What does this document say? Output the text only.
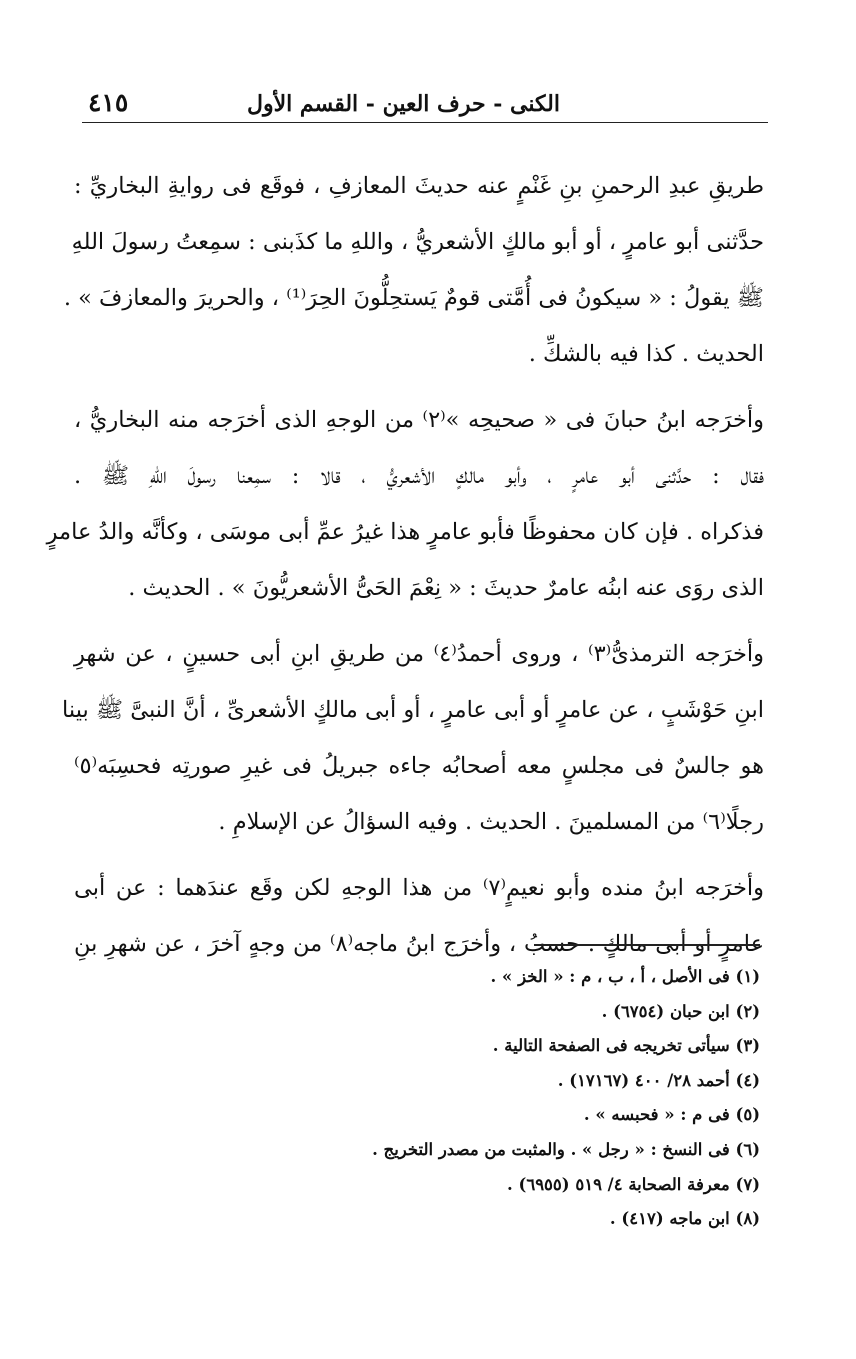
٤١٥	الكنى - حرف العين - القسم الأول
طريقِ عبدِ الرحمنِ بنِ غَنْمٍ عنه حديثَ المعازفِ ، فوقَع فى روايةِ البخاريِّ :
حدَّثنى أبو عامرٍ ، أو أبو مالكٍ الأشعريُّ ، واللهِ ما كذَبنى : سمِعتُ رسولَ اللهِ
ﷺ يقولُ : « سيكونُ فى أُمَّتى قومٌ يَستحِلُّونَ الحِرَ⁽¹⁾ ، والحريرَ والمعازفَ » .
الحديث . كذا فيه بالشكِّ .
وأخرَجه ابنُ حبانَ فى « صحيحِه »⁽٢⁾ من الوجهِ الذى أخرَجه منه البخاريُّ ،
فقال : حدَّثنى أبو عامرٍ ، وأبو مالكٍ الأشعريُّ ، قالا : سمِعنا رسولَ اللهِ ﷺ .
فذكراه . فإن كان محفوظًا فأبو عامرٍ هذا غيرُ عمِّ أبى موسَى ، وكأنَّه والدُ عامرٍ
الذى روَى عنه ابنُه عامرٌ حديثَ : « نِعْمَ الحَىُّ الأشعريُّونَ » . الحديث .
وأخرَجه الترمذىُّ⁽٣⁾ ، وروى أحمدُ⁽٤⁾ من طريقِ ابنِ أبى حسينٍ ، عن شهرِ
ابنِ حَوْشَبٍ ، عن عامرٍ أو أبى عامرٍ ، أو أبى مالكٍ الأشعرىِّ ، أنَّ النبىَّ ﷺ بينا
هو جالسٌ فى مجلسٍ معه أصحابُه جاءه جبريلُ فى غيرِ صورتِه فحسِبَه⁽٥⁾
رجلًا⁽٦⁾ من المسلمينَ . الحديث . وفيه السؤالُ عن الإسلامِ .
وأخرَجه ابنُ منده وأبو نعيمٍ⁽٧⁾ من هذا الوجهِ لكن وقَع عندَهما : عن أبى
عامرٍ أو أبى مالكٍ . حسبُ ، وأخرَج ابنُ ماجه⁽٨⁾ من وجهٍ آخرَ ، عن شهرِ بنِ
(١) فى الأصل ، أ ، ب ، م : « الخز » .
(٢) ابن حبان (٦٧٥٤) .
(٣) سيأتى تخريجه فى الصفحة التالية .
(٤) أحمد ٢٨/ ٤٠٠ (١٧١٦٧) .
(٥) فى م : « فحبسه » .
(٦) فى النسخ : « رجل » . والمثبت من مصدر التخريج .
(٧) معرفة الصحابة ٤/ ٥١٩ (٦٩٥٥) .
(٨) ابن ماجه (٤١٧) .
